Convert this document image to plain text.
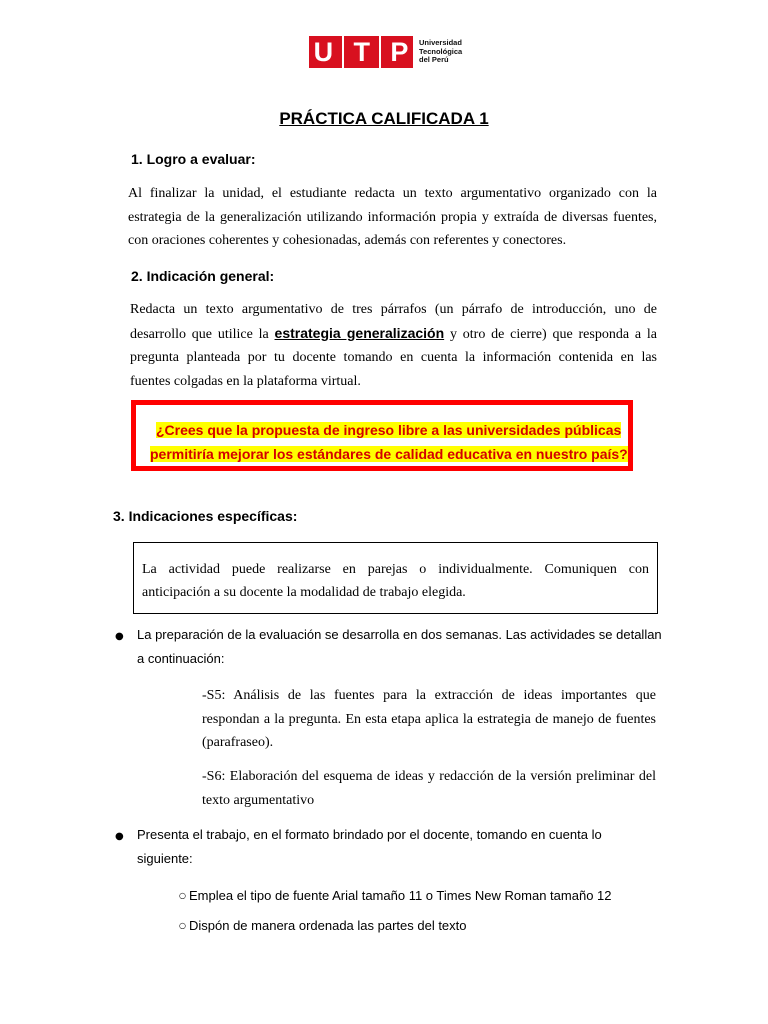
U T P Universidad
Tecnológica
del Perú
PRÁCTICA CALIFICADA 1
1. Logro a evaluar:
Al finalizar la unidad, el estudiante redacta un texto argumentativo organizado con la
estrategia de la generalización utilizando información propia y extraída de diversas fuentes,
con oraciones coherentes y cohesionadas, además con referentes y conectores.
2. Indicación general:
Redacta un texto argumentativo de tres párrafos (un párrafo de introducción, uno de
desarrollo que utilice la estrategia generalización y otro de cierre) que responda a la
pregunta planteada por tu docente tomando en cuenta la información contenida en las
fuentes colgadas en la plataforma virtual.
¿Crees que la propuesta de ingreso libre a las universidades públicas
permitiría mejorar los estándares de calidad educativa en nuestro país?
3. Indicaciones específicas:
La actividad puede realizarse en parejas o individualmente. Comuniquen con
anticipación a su docente la modalidad de trabajo elegida.
● La preparación de la evaluación se desarrolla en dos semanas. Las actividades se detallan
a continuación:
-S5: Análisis de las fuentes para la extracción de ideas importantes que
respondan a la pregunta. En esta etapa aplica la estrategia de manejo de fuentes
(parafraseo).
-S6: Elaboración del esquema de ideas y redacción de la versión preliminar del
texto argumentativo
● Presenta el trabajo, en el formato brindado por el docente, tomando en cuenta lo
siguiente:
○ Emplea el tipo de fuente Arial tamaño 11 o Times New Roman tamaño 12
○ Dispón de manera ordenada las partes del texto
